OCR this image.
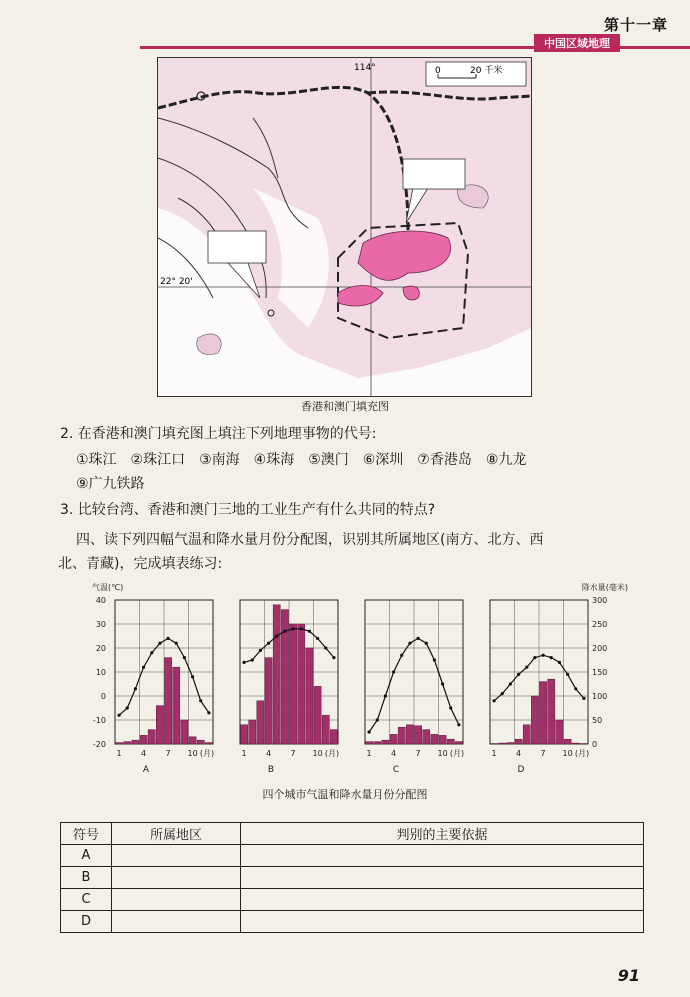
第十一章
中国区域地理
0	20 千米
114°
22° 20'
香港和澳门填充图
2. 在香港和澳门填充图上填注下列地理事物的代号:
①珠江　②珠江口　③南海　④珠海　⑤澳门　⑥深圳　⑦香港岛　⑧九龙
⑨广九铁路
3. 比较台湾、香港和澳门三地的工业生产有什么共同的特点?
四、读下列四幅气温和降水量月份分配图，识别其所属地区(南方、北方、西
北、青藏)，完成填表练习:
气温(℃)	降水量(毫米)
40
30
20
10
0
-10
-20
300
250
200
150
100
50
0
1 4 7 10 (月)
A
1 4 7 10 (月)
B
1 4 7 10 (月)
C
1 4 7 10 (月)
D
四个城市气温和降水量月份分配图
符号	所属地区	判别的主要依据
A		
B		
C		
D		
91
